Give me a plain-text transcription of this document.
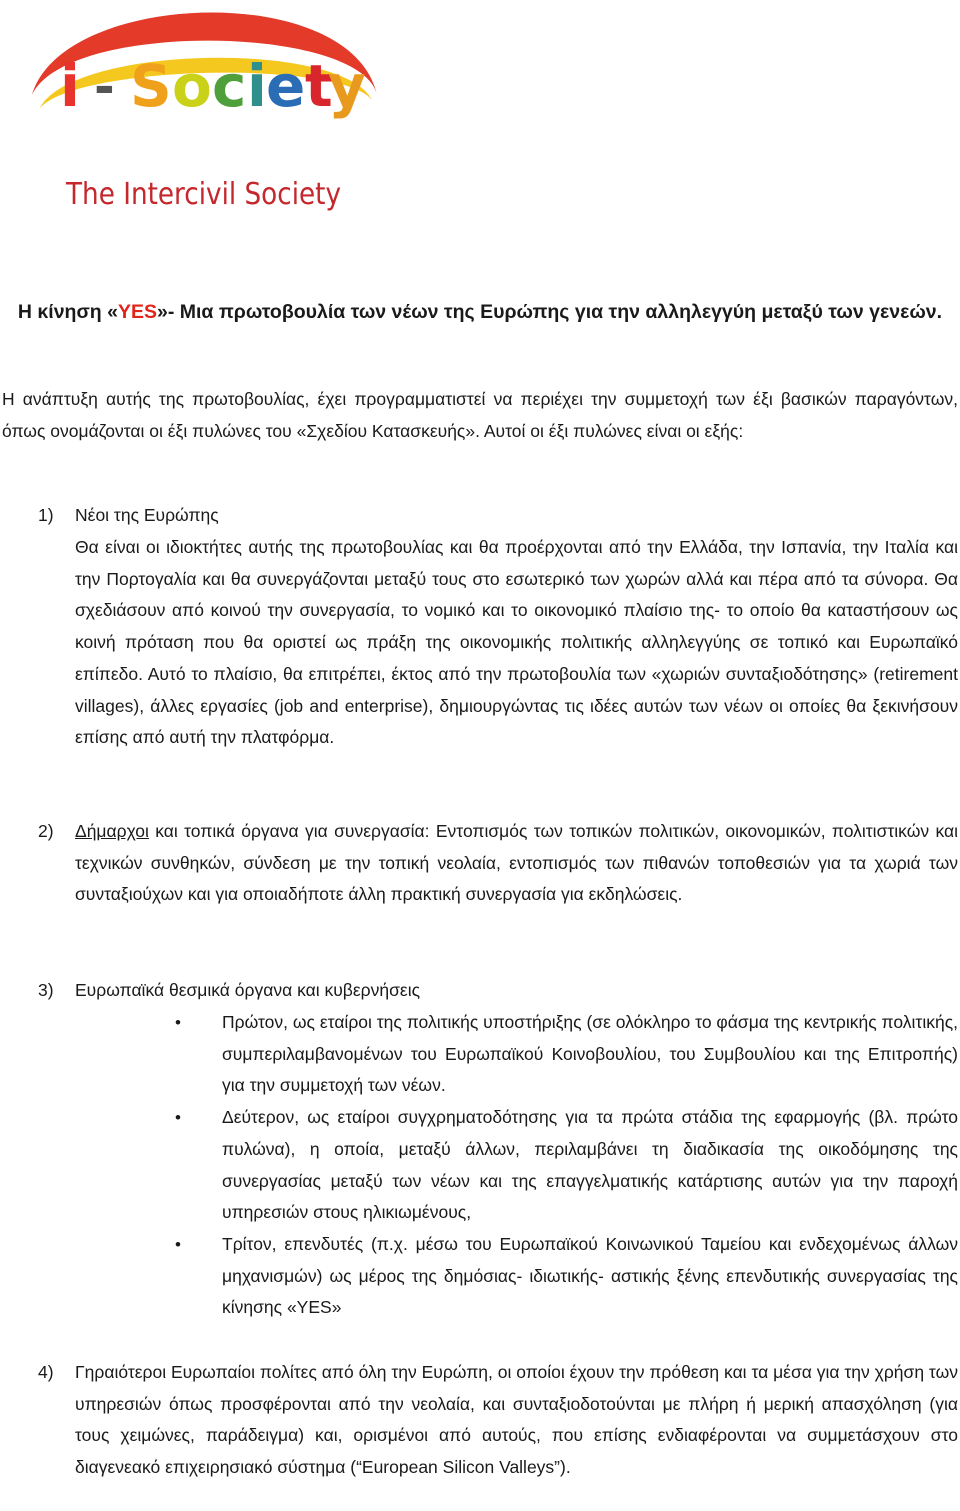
i - S o c i e t
y
The Intercivil Society
Η κίνηση «YES»- Μια πρωτοβουλία των νέων της Ευρώπης για την αλληλεγγύη μεταξύ των γενεών.
Η ανάπτυξη αυτής της πρωτοβουλίας, έχει προγραμματιστεί να περιέχει την συμμετοχή των έξι βασικών παραγόντων, όπως ονομάζονται οι έξι πυλώνες του «Σχεδίου Κατασκευής». Αυτοί οι έξι πυλώνες είναι οι εξής:
1) Νέοι της Ευρώπης
Θα είναι οι ιδιοκτήτες αυτής της πρωτοβουλίας και θα προέρχονται από την Ελλάδα, την Ισπανία, την Ιταλία και την Πορτογαλία και θα συνεργάζονται μεταξύ τους στο εσωτερικό των χωρών αλλά και πέρα από τα σύνορα. Θα σχεδιάσουν από κοινού την συνεργασία, το νομικό και το οικονομικό πλαίσιο της- το οποίο θα καταστήσουν ως κοινή πρόταση που θα οριστεί ως πράξη της οικονομικής πολιτικής αλληλεγγύης σε τοπικό και Ευρωπαϊκό επίπεδο. Αυτό το πλαίσιο, θα επιτρέπει, έκτος από την πρωτοβουλία των «χωριών συνταξιοδότησης» (retirement villages), άλλες εργασίες (job and enterprise), δημιουργώντας τις ιδέες αυτών των νέων οι οποίες θα ξεκινήσουν επίσης από αυτή την πλατφόρμα.
2) Δήμαρχοι και τοπικά όργανα για συνεργασία: Εντοπισμός των τοπικών πολιτικών, οικονομικών, πολιτιστικών και τεχνικών συνθηκών, σύνδεση με την τοπική νεολαία, εντοπισμός των πιθανών τοποθεσιών για τα χωριά των συνταξιούχων και για οποιαδήποτε άλλη πρακτική συνεργασία για εκδηλώσεις.
3) Ευρωπαϊκά θεσμικά όργανα και κυβερνήσεις
• Πρώτον, ως εταίροι της πολιτικής υποστήριξης (σε ολόκληρο το φάσμα της κεντρικής πολιτικής, συμπεριλαμβανομένων του Ευρωπαϊκού Κοινοβουλίου, του Συμβουλίου και της Επιτροπής) για την συμμετοχή των νέων.
• Δεύτερον, ως εταίροι συγχρηματοδότησης για τα πρώτα στάδια της εφαρμογής (βλ. πρώτο πυλώνα), η οποία, μεταξύ άλλων, περιλαμβάνει τη διαδικασία της οικοδόμησης της συνεργασίας μεταξύ των νέων και της επαγγελματικής κατάρτισης αυτών για την παροχή υπηρεσιών στους ηλικιωμένους,
• Τρίτον, επενδυτές (π.χ. μέσω του Ευρωπαϊκού Κοινωνικού Ταμείου και ενδεχομένως άλλων μηχανισμών) ως μέρος της δημόσιας- ιδιωτικής- αστικής ξένης επενδυτικής συνεργασίας της κίνησης «YES»
4) Γηραιότεροι Ευρωπαίοι πολίτες από όλη την Ευρώπη, οι οποίοι έχουν την πρόθεση και τα μέσα για την χρήση των υπηρεσιών όπως προσφέρονται από την νεολαία, και συνταξιοδοτούνται με πλήρη ή μερική απασχόληση (για τους χειμώνες, παράδειγμα) και, ορισμένοι από αυτούς, που επίσης ενδιαφέρονται να συμμετάσχουν στο διαγενεακό επιχειρησιακό σύστημα (“European Silicon Valleys”).
